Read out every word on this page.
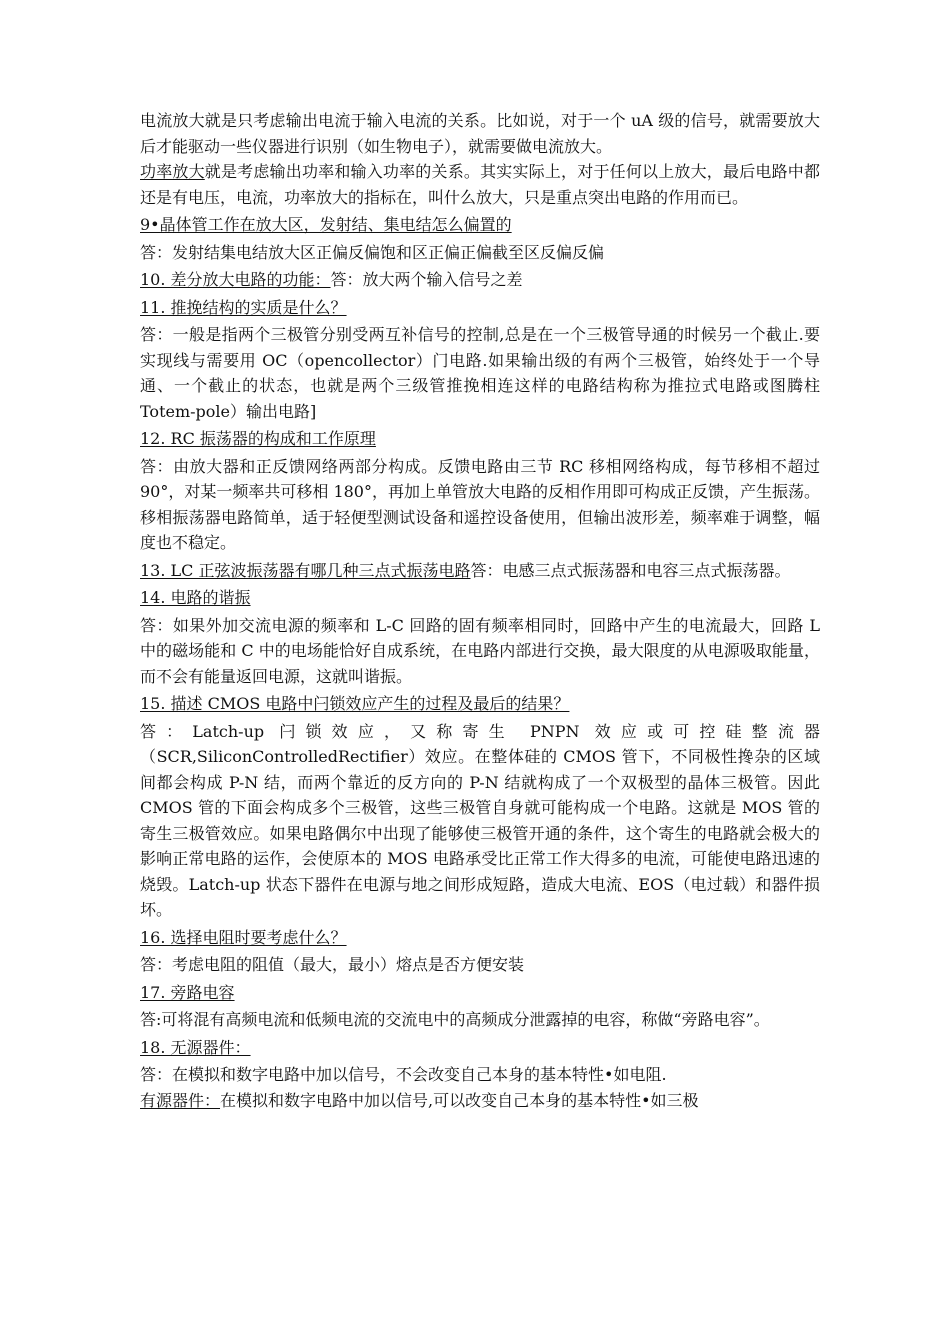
电流放大就是只考虑输出电流于输入电流的关系。比如说，对于一个 uA 级的信号，就需要放大后才能驱动一些仪器进行识别（如生物电子），就需要做电流放大。

功率放大就是考虑输出功率和输入功率的关系。其实实际上，对于任何以上放大，最后电路中都还是有电压，电流，功率放大的指标在，叫什么放大，只是重点突出电路的作用而已。

9•晶体管工作在放大区，发射结、集电结怎么偏置的

答：发射结集电结放大区正偏反偏饱和区正偏正偏截至区反偏反偏

10. 差分放大电路的功能：答：放大两个输入信号之差

11. 推挽结构的实质是什么？

答：一般是指两个三极管分别受两互补信号的控制,总是在一个三极管导通的时候另一个截止.要实现线与需要用 OC（opencollector）门电路.如果输出级的有两个三极管，始终处于一个导通、一个截止的状态，也就是两个三级管推挽相连这样的电路结构称为推拉式电路或图腾柱 Totem-pole）输出电路]

12. RC 振荡器的构成和工作原理

答：由放大器和正反馈网络两部分构成。反馈电路由三节 RC 移相网络构成，每节移相不超过 90°，对某一频率共可移相 180°，再加上单管放大电路的反相作用即可构成正反馈，产生振荡。移相振荡器电路简单，适于轻便型测试设备和遥控设备使用，但输出波形差，频率难于调整，幅度也不稳定。

13. LC 正弦波振荡器有哪几种三点式振荡电路答：电感三点式振荡器和电容三点式振荡器。

14. 电路的谐振

答：如果外加交流电源的频率和 L-C 回路的固有频率相同时，回路中产生的电流最大，回路 L 中的磁场能和 C 中的电场能恰好自成系统，在电路内部进行交换，最大限度的从电源吸取能量，而不会有能量返回电源，这就叫谐振。

15. 描述 CMOS 电路中闩锁效应产生的过程及最后的结果？

答：Latch-up 闩锁效应，又称寄生 PNPN 效应或可控硅整流器（SCR,SiliconControlledRectifier）效应。在整体硅的 CMOS 管下，不同极性搀杂的区域间都会构成 P-N 结，而两个靠近的反方向的 P-N 结就构成了一个双极型的晶体三极管。因此 CMOS 管的下面会构成多个三极管，这些三极管自身就可能构成一个电路。这就是 MOS 管的寄生三极管效应。如果电路偶尔中出现了能够使三极管开通的条件，这个寄生的电路就会极大的影响正常电路的运作，会使原本的 MOS 电路承受比正常工作大得多的电流，可能使电路迅速的烧毁。Latch-up 状态下器件在电源与地之间形成短路，造成大电流、EOS（电过载）和器件损坏。

16. 选择电阻时要考虑什么？

答：考虑电阻的阻值（最大，最小）熔点是否方便安装

17. 旁路电容

答:可将混有高频电流和低频电流的交流电中的高频成分泄露掉的电容，称做“旁路电容”。

18. 无源器件：

答：在模拟和数字电路中加以信号，不会改变自己本身的基本特性•如电阻.

有源器件：在模拟和数字电路中加以信号,可以改变自己本身的基本特性•如三极
